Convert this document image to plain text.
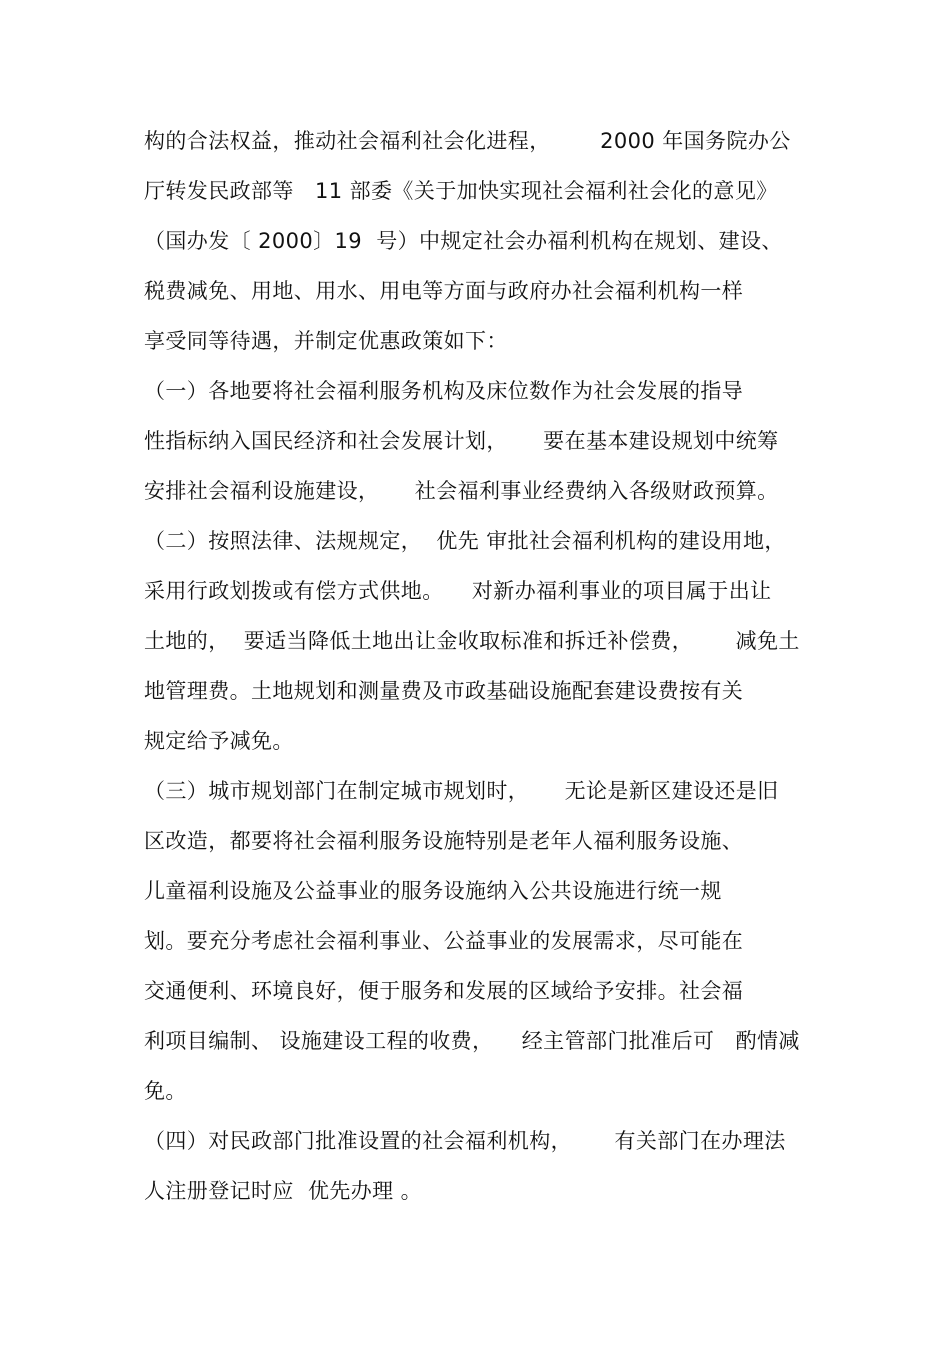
构的合法权益，推动社会福利社会化进程，       2000 年国务院办公
厅转发民政部等   11 部委《关于加快实现社会福利社会化的意见》
（国办发〔 2000〕19  号）中规定社会办福利机构在规划、建设、
税费减免、用地、用水、用电等方面与政府办社会福利机构一样
享受同等待遇，并制定优惠政策如下：
（一）各地要将社会福利服务机构及床位数作为社会发展的指导
性指标纳入国民经济和社会发展计划，     要在基本建设规划中统筹
安排社会福利设施建设，     社会福利事业经费纳入各级财政预算。
（二）按照法律、法规规定，  优先 审批社会福利机构的建设用地，
采用行政划拨或有偿方式供地。    对新办福利事业的项目属于出让
土地的，  要适当降低土地出让金收取标准和拆迁补偿费，      减免土
地管理费。土地规划和测量费及市政基础设施配套建设费按有关
规定给予减免。
（三）城市规划部门在制定城市规划时，     无论是新区建设还是旧
区改造，都要将社会福利服务设施特别是老年人福利服务设施、
儿童福利设施及公益事业的服务设施纳入公共设施进行统一规
划。要充分考虑社会福利事业、公益事业的发展需求，尽可能在
交通便利、环境良好，便于服务和发展的区域给予安排。社会福
利项目编制、 设施建设工程的收费，    经主管部门批准后可   酌情减
免。
（四）对民政部门批准设置的社会福利机构，      有关部门在办理法
人注册登记时应  优先办理 。
